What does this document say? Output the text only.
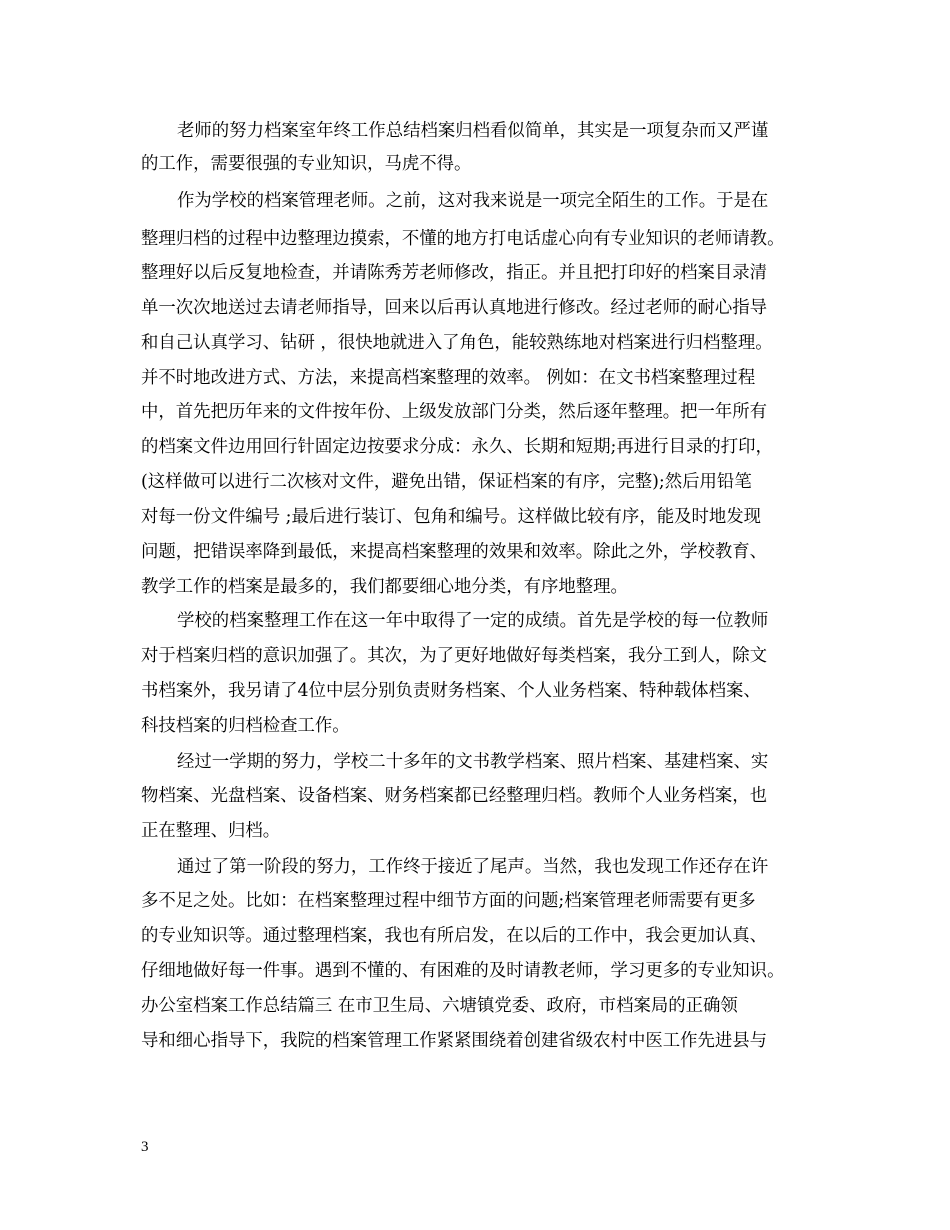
老师的努力档案室年终工作总结档案归档看似简单，其实是一项复杂而又严谨
的工作，需要很强的专业知识，马虎不得。
作为学校的档案管理老师。之前，这对我来说是一项完全陌生的工作。于是在
整理归档的过程中边整理边摸索，不懂的地方打电话虚心向有专业知识的老师请教。
整理好以后反复地检查，并请陈秀芳老师修改，指正。并且把打印好的档案目录清
单一次次地送过去请老师指导，回来以后再认真地进行修改。经过老师的耐心指导
和自己认真学习、钻研 ，很快地就进入了角色，能较熟练地对档案进行归档整理。
并不时地改进方式、方法，来提高档案整理的效率。 例如：在文书档案整理过程
中，首先把历年来的文件按年份、上级发放部门分类，然后逐年整理。把一年所有
的档案文件边用回行针固定边按要求分成：永久、长期和短期;再进行目录的打印，
(这样做可以进行二次核对文件，避免出错，保证档案的有序，完整);然后用铅笔
对每一份文件编号 ;最后进行装订、包角和编号。这样做比较有序，能及时地发现
问题，把错误率降到最低，来提高档案整理的效果和效率。除此之外，学校教育、
教学工作的档案是最多的，我们都要细心地分类，有序地整理。
学校的档案整理工作在这一年中取得了一定的成绩。首先是学校的每一位教师
对于档案归档的意识加强了。其次，为了更好地做好每类档案，我分工到人，除文
书档案外，我另请了4位中层分别负责财务档案、个人业务档案、特种载体档案、
科技档案的归档检查工作。
经过一学期的努力，学校二十多年的文书教学档案、照片档案、基建档案、实
物档案、光盘档案、设备档案、财务档案都已经整理归档。教师个人业务档案，也
正在整理、归档。
通过了第一阶段的努力，工作终于接近了尾声。当然，我也发现工作还存在许
多不足之处。比如：在档案整理过程中细节方面的问题;档案管理老师需要有更多
的专业知识等。通过整理档案，我也有所启发，在以后的工作中，我会更加认真、
仔细地做好每一件事。遇到不懂的、有困难的及时请教老师，学习更多的专业知识。
办公室档案工作总结篇三 在市卫生局、六塘镇党委、政府，市档案局的正确领
导和细心指导下，我院的档案管理工作紧紧围绕着创建省级农村中医工作先进县与
3
